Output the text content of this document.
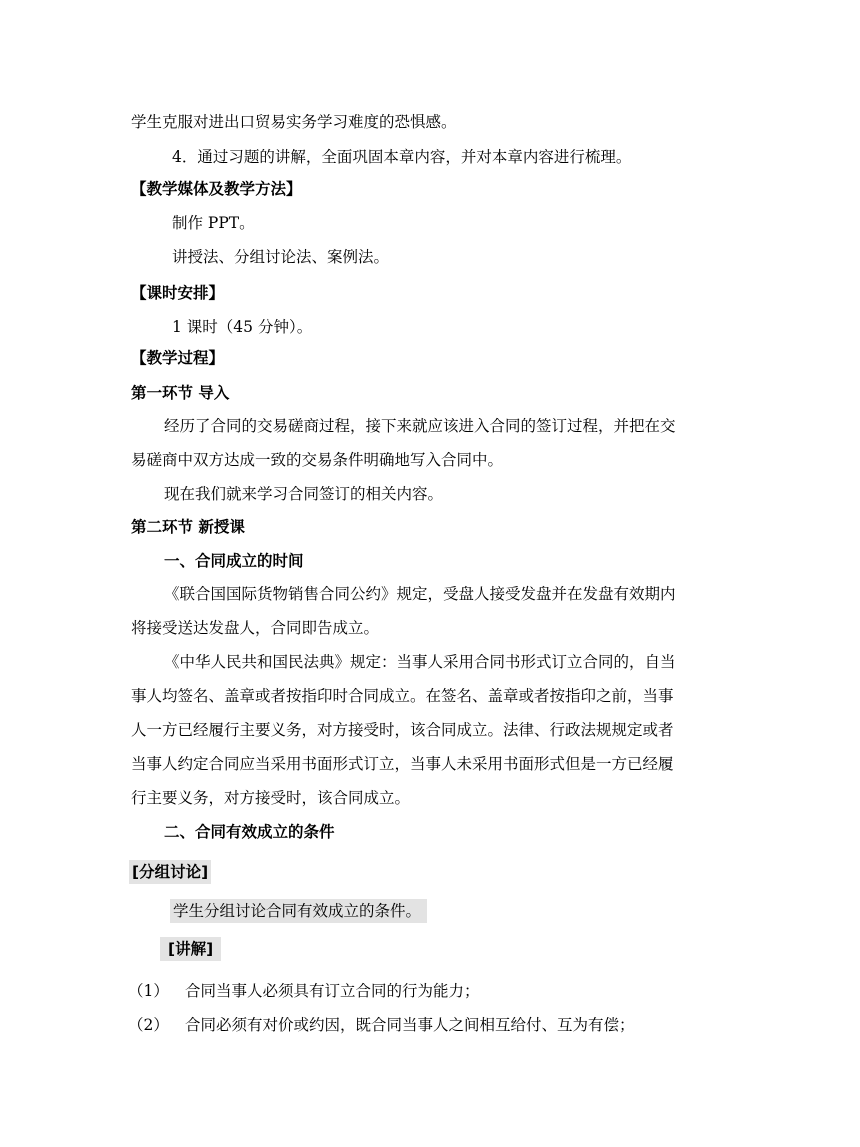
学生克服对进出口贸易实务学习难度的恐惧感。
4．通过习题的讲解，全面巩固本章内容，并对本章内容进行梳理。
【教学媒体及教学方法】
制作 PPT。
讲授法、分组讨论法、案例法。
【课时安排】
1 课时（45 分钟）。
【教学过程】
第一环节 导入
经历了合同的交易磋商过程，接下来就应该进入合同的签订过程，并把在交
易磋商中双方达成一致的交易条件明确地写入合同中。
现在我们就来学习合同签订的相关内容。
第二环节 新授课
一、合同成立的时间
《联合国国际货物销售合同公约》规定，受盘人接受发盘并在发盘有效期内
将接受送达发盘人，合同即告成立。
《中华人民共和国民法典》规定：当事人采用合同书形式订立合同的，自当
事人均签名、盖章或者按指印时合同成立。在签名、盖章或者按指印之前，当事
人一方已经履行主要义务，对方接受时，该合同成立。法律、行政法规规定或者
当事人约定合同应当采用书面形式订立，当事人未采用书面形式但是一方已经履
行主要义务，对方接受时，该合同成立。
二、合同有效成立的条件
[分组讨论]
学生分组讨论合同有效成立的条件。
[讲解]
（1） 合同当事人必须具有订立合同的行为能力；
（2） 合同必须有对价或约因，既合同当事人之间相互给付、互为有偿；
